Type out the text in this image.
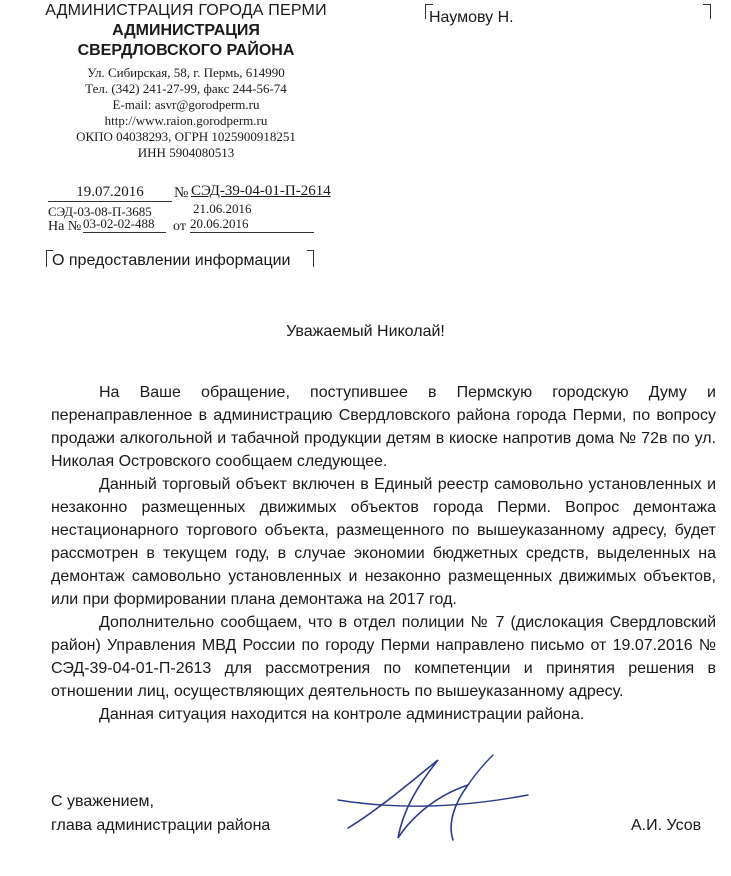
АДМИНИСТРАЦИЯ ГОРОДА ПЕРМИ
АДМИНИСТРАЦИЯ
СВЕРДЛОВСКОГО РАЙОНА
Ул. Сибирская, 58, г. Пермь, 614990
Тел. (342) 241-27-99, факс 244-56-74
E-mail: asvr@gorodperm.ru
http://www.raion.gorodperm.ru
ОКПО 04038293, ОГРН 1025900918251
ИНН 5904080513
Наумову Н.
19.07.2016	№ СЭД-39-04-01-П-2614
СЭД-03-08-П-3685	21.06.2016
На № 03-02-02-488	от 20.06.2016
О предоставлении информации
Уважаемый Николай!

На Ваше обращение, поступившее в Пермскую городскую Думу и перенаправленное в администрацию Свердловского района города Перми, по вопросу продажи алкогольной и табачной продукции детям в киоске напротив дома № 72в по ул. Николая Островского сообщаем следующее.

Данный торговый объект включен в Единый реестр самовольно установленных и незаконно размещенных движимых объектов города Перми. Вопрос демонтажа нестационарного торгового объекта, размещенного по вышеуказанному адресу, будет рассмотрен в текущем году, в случае экономии бюджетных средств, выделенных на демонтаж самовольно установленных и незаконно размещенных движимых объектов, или при формировании плана демонтажа на 2017 год.

Дополнительно сообщаем, что в отдел полиции № 7 (дислокация Свердловский район) Управления МВД России по городу Перми направлено письмо от 19.07.2016 № СЭД-39-04-01-П-2613 для рассмотрения по компетенции и принятия решения в отношении лиц, осуществляющих деятельность по вышеуказанному адресу.

Данная ситуация находится на контроле администрации района.

С уважением,
глава администрации района	А.И. Усов
